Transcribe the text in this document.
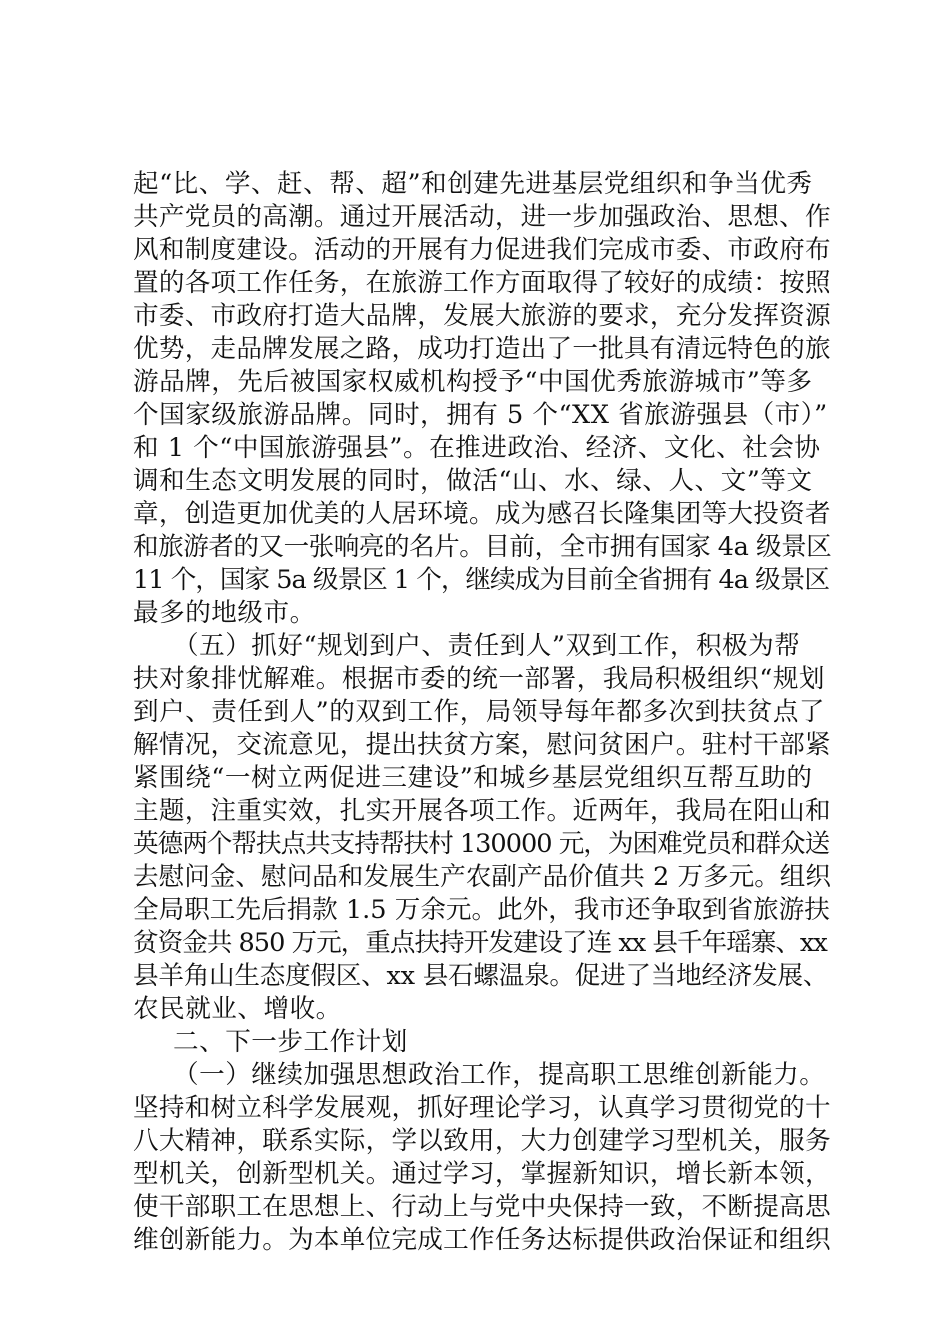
起“比、学、赶、帮、超”和创建先进基层党组织和争当优秀
共产党员的高潮。通过开展活动，进一步加强政治、思想、作
风和制度建设。活动的开展有力促进我们完成市委、市政府布
置的各项工作任务，在旅游工作方面取得了较好的成绩：按照
市委、市政府打造大品牌，发展大旅游的要求，充分发挥资源
优势，走品牌发展之路，成功打造出了一批具有清远特色的旅
游品牌，先后被国家权威机构授予“中国优秀旅游城市”等多
个国家级旅游品牌。同时，拥有 5 个“XX 省旅游强县（市）”
和 1 个“中国旅游强县”。在推进政治、经济、文化、社会协
调和生态文明发展的同时，做活“山、水、绿、人、文”等文
章，创造更加优美的人居环境。成为感召长隆集团等大投资者
和旅游者的又一张响亮的名片。目前，全市拥有国家 4a 级景区
11 个，国家 5a 级景区 1 个，继续成为目前全省拥有 4a 级景区
最多的地级市。
（五）抓好“规划到户、责任到人”双到工作，积极为帮
扶对象排忧解难。根据市委的统一部署，我局积极组织“规划
到户、责任到人”的双到工作，局领导每年都多次到扶贫点了
解情况，交流意见，提出扶贫方案，慰问贫困户。驻村干部紧
紧围绕“一树立两促进三建设”和城乡基层党组织互帮互助的
主题，注重实效，扎实开展各项工作。近两年，我局在阳山和
英德两个帮扶点共支持帮扶村 130000 元，为困难党员和群众送
去慰问金、慰问品和发展生产农副产品价值共 2 万多元。组织
全局职工先后捐款 1.5 万余元。此外，我市还争取到省旅游扶
贫资金共 850 万元，重点扶持开发建设了连 xx 县千年瑶寨、xx
县羊角山生态度假区、xx 县石螺温泉。促进了当地经济发展、
农民就业、增收。
二、下一步工作计划
（一）继续加强思想政治工作，提高职工思维创新能力。
坚持和树立科学发展观，抓好理论学习，认真学习贯彻党的十
八大精神，联系实际，学以致用，大力创建学习型机关，服务
型机关，创新型机关。通过学习，掌握新知识，增长新本领，
使干部职工在思想上、行动上与党中央保持一致，不断提高思
维创新能力。为本单位完成工作任务达标提供政治保证和组织
